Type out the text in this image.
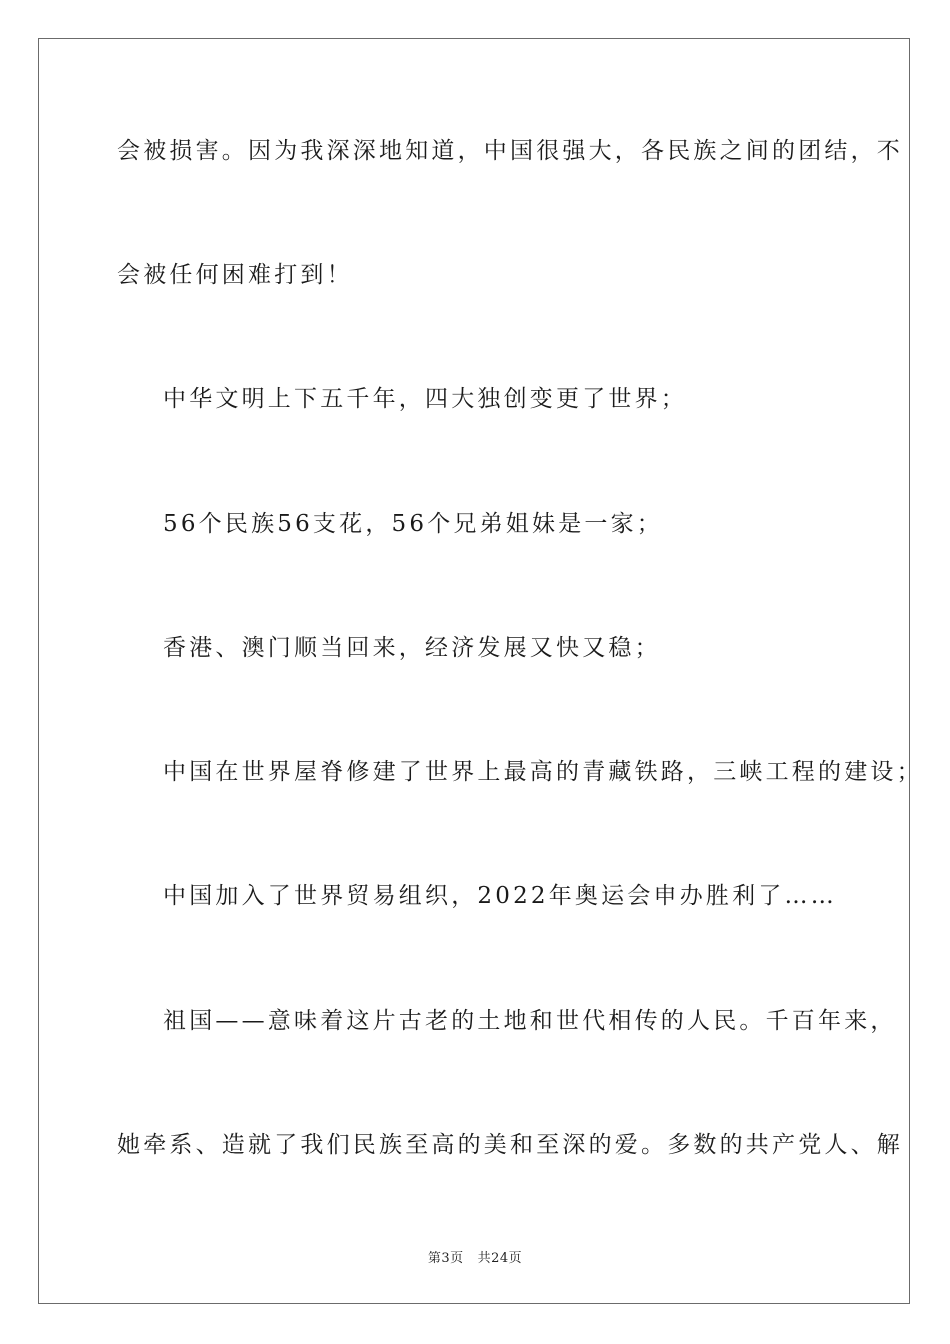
会被损害。因为我深深地知道，中国很强大，各民族之间的团结，不
会被任何困难打到！
中华文明上下五千年，四大独创变更了世界；
56个民族56支花，56个兄弟姐妹是一家；
香港、澳门顺当回来，经济发展又快又稳；
中国在世界屋脊修建了世界上最高的青藏铁路，三峡工程的建设；
中国加入了世界贸易组织，2022年奥运会申办胜利了……
祖国——意味着这片古老的土地和世代相传的人民。千百年来，
她牵系、造就了我们民族至高的美和至深的爱。多数的共产党人、解
第3页 共24页
